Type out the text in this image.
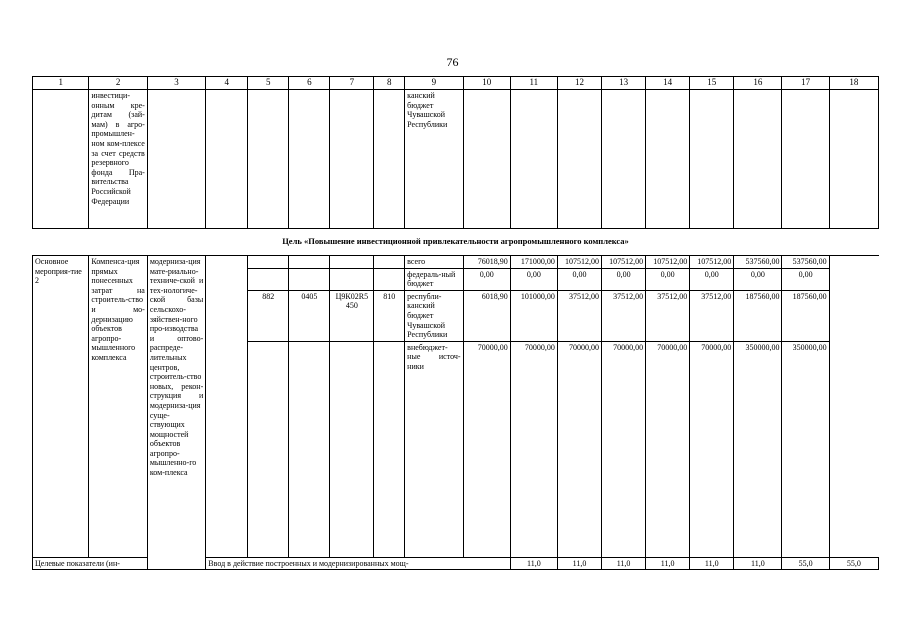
76
1	2	3	4	5	6	7	8	9	10	11	12	13	14	15	16	17	18
	инвестици-онным кре-дитам (зай-мам) в агро-промышлен-ном ком-плексе за счет средств резервного фонда Пра-вительства Российской Федерации							канский бюджет Чувашской Республики									
Цель «Повышение инвестиционной привлекательности агропромышленного комплекса»																	
Основное мероприя-тие 2	Компенса-ция прямых понесенных затрат на строитель-ство и мо-дернизацию объектов агропро-мышленного комплекса	модерниза-ция мате-риально-техниче-ской и тех-нологиче-ской базы сельскохо-зяйствен-ного про-изводства и оптово-распреде-лительных центров, строитель-ство новых, рекон-струкция и модерниза-ция суще-ствующих мощностей объектов агропро-мышленно-го ком-плекса						всего	76018,90	171000,00	107512,00	107512,00	107512,00	107512,00	537560,00	537560,00	
								федераль-ный бюджет	0,00	0,00	0,00	0,00	0,00	0,00	0,00	0,00	
				882	0405	Ц9К02R5 450	810	республи-канский бюджет Чувашской Республики	6018,90	101000,00	37512,00	37512,00	37512,00	37512,00	187560,00	187560,00	
								внебюджет-ные источ-ники	70000,00	70000,00	70000,00	70000,00	70000,00	70000,00	350000,00	350000,00	
Целевые показатели (ин-			Ввод в действие построенных и модернизированных мощ-							11,0	11,0	11,0	11,0	11,0	11,0	55,0	55,0
